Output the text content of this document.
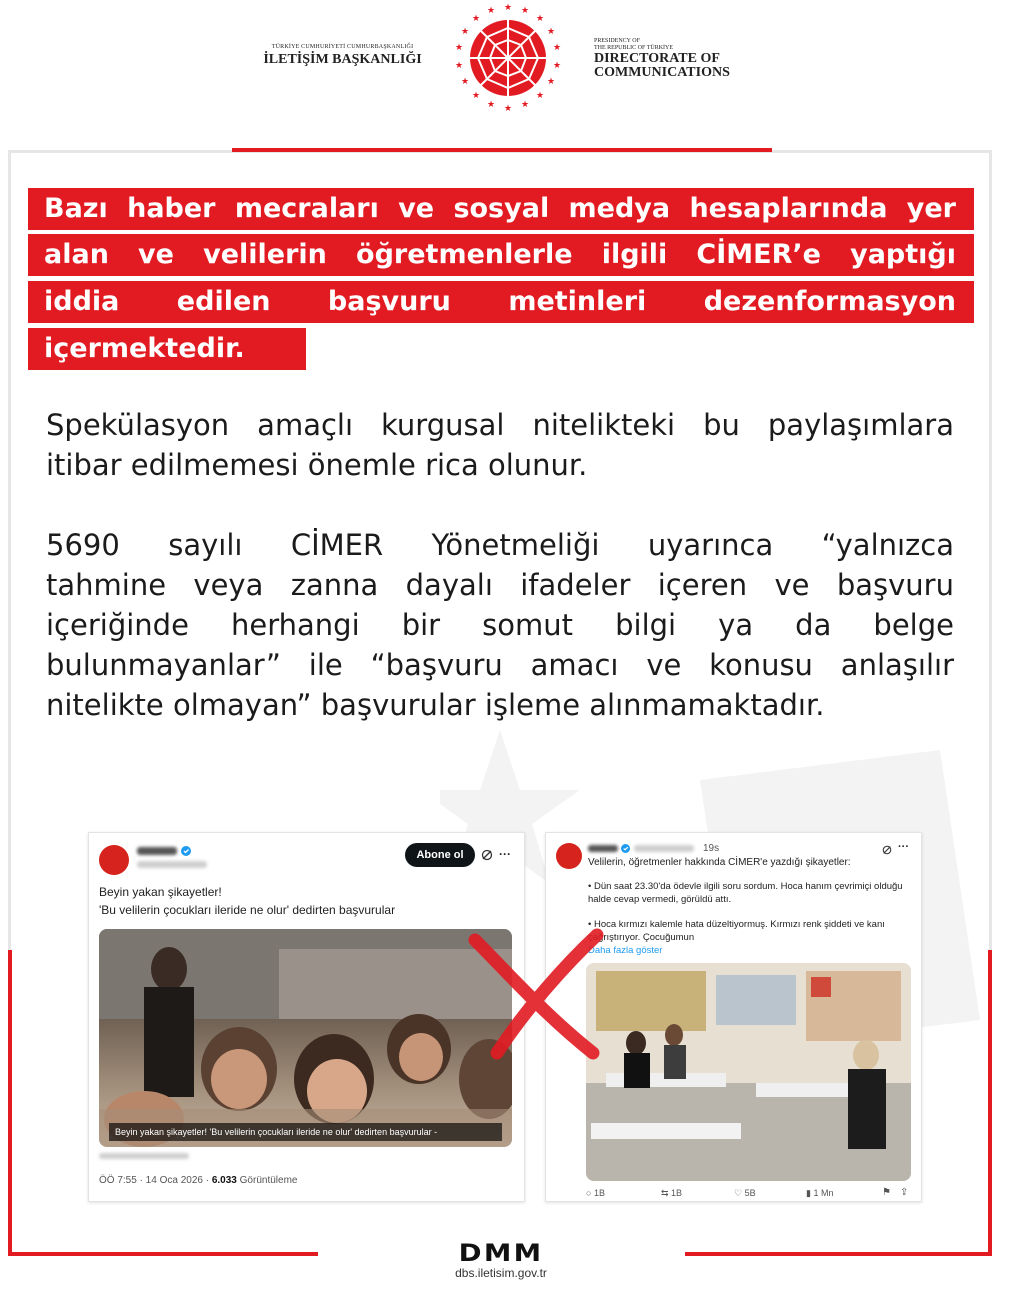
TÜRKİYE CUMHURİYETİ CUMHURBAŞKANLIĞI
İLETİŞİM BAŞKANLIĞI
★ ★
★
★
★
★
★
★
★
★
★
★
★
★
★
★
★
★
PRESIDENCY OF
THE REPUBLIC OF TÜRKİYE
DIRECTORATE OF
COMMUNICATIONS
Bazı haber mecraları ve sosyal medya hesaplarında yer
alan ve velilerin öğretmenlerle ilgili CİMER’e yaptığı
iddia edilen başvuru metinleri dezenformasyon
içermektedir.
Spekülasyon amaçlı kurgusal nitelikteki bu paylaşımlara
itibar edilmemesi önemle rica olunur.
5690 sayılı CİMER Yönetmeliği uyarınca “yalnızca
tahmine veya zanna dayalı ifadeler içeren ve başvuru
içeriğinde herhangi bir somut bilgi ya da belge
bulunmayanlar” ile “başvuru amacı ve konusu anlaşılır
nitelikte olmayan” başvurular işleme alınmamaktadır.
Abone ol	···
Beyin yakan şikayetler!
'Bu velilerin çocukları ileride ne olur' dedirten başvurular
Beyin yakan şikayetler! 'Bu velilerin çocukları ileride ne olur' dedirten başvurular -
ÖÖ 7:55 · 14 Oca 2026 · 6.033 Görüntüleme
19s	···
Velilerin, öğretmenler hakkında CİMER'e yazdığı şikayetler:
• Dün saat 23.30'da ödevle ilgili soru sordum. Hoca hanım çevrimiçi olduğu
halde cevap vermedi, görüldü attı.
• Hoca kırmızı kalemle hata düzeltiyormuş. Kırmızı renk şiddeti ve kanı
çağrıştırıyor. Çocuğumun
Daha fazla göster
○ 1B	⇆ 1B	♡ 5B	▮ 1 Mn	⚑ ⇪
DMM
dbs.iletisim.gov.tr
